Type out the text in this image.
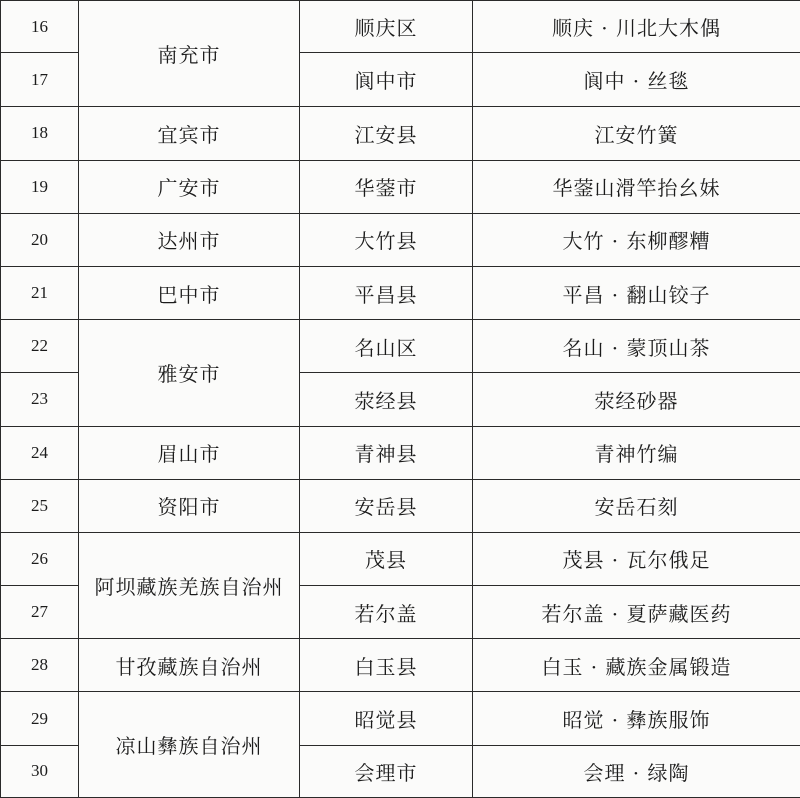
16	南充市	顺庆区	顺庆 · 川北大木偶
17		阆中市	阆中 · 丝毯
18	宜宾市	江安县	江安竹簧
19	广安市	华蓥市	华蓥山滑竿抬幺妹
20	达州市	大竹县	大竹 · 东柳醪糟
21	巴中市	平昌县	平昌 · 翻山铰子
22	雅安市	名山区	名山 · 蒙顶山茶
23		荥经县	荥经砂器
24	眉山市	青神县	青神竹编
25	资阳市	安岳县	安岳石刻
26	阿坝藏族羌族自治州	茂县	茂县 · 瓦尔俄足
27		若尔盖	若尔盖 · 夏萨藏医药
28	甘孜藏族自治州	白玉县	白玉 · 藏族金属锻造
29	凉山彝族自治州	昭觉县	昭觉 · 彝族服饰
30		会理市	会理 · 绿陶
